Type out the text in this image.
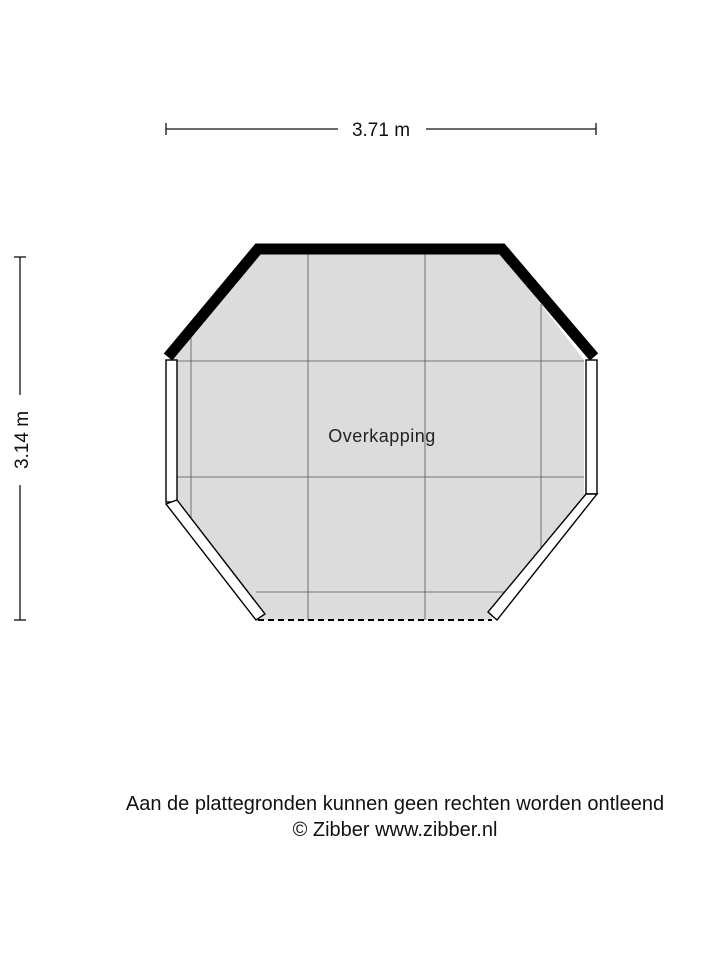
3.71 m
3.14 m	Overkapping
Aan de plattegronden kunnen geen rechten worden ontleend
© Zibber www.zibber.nl
